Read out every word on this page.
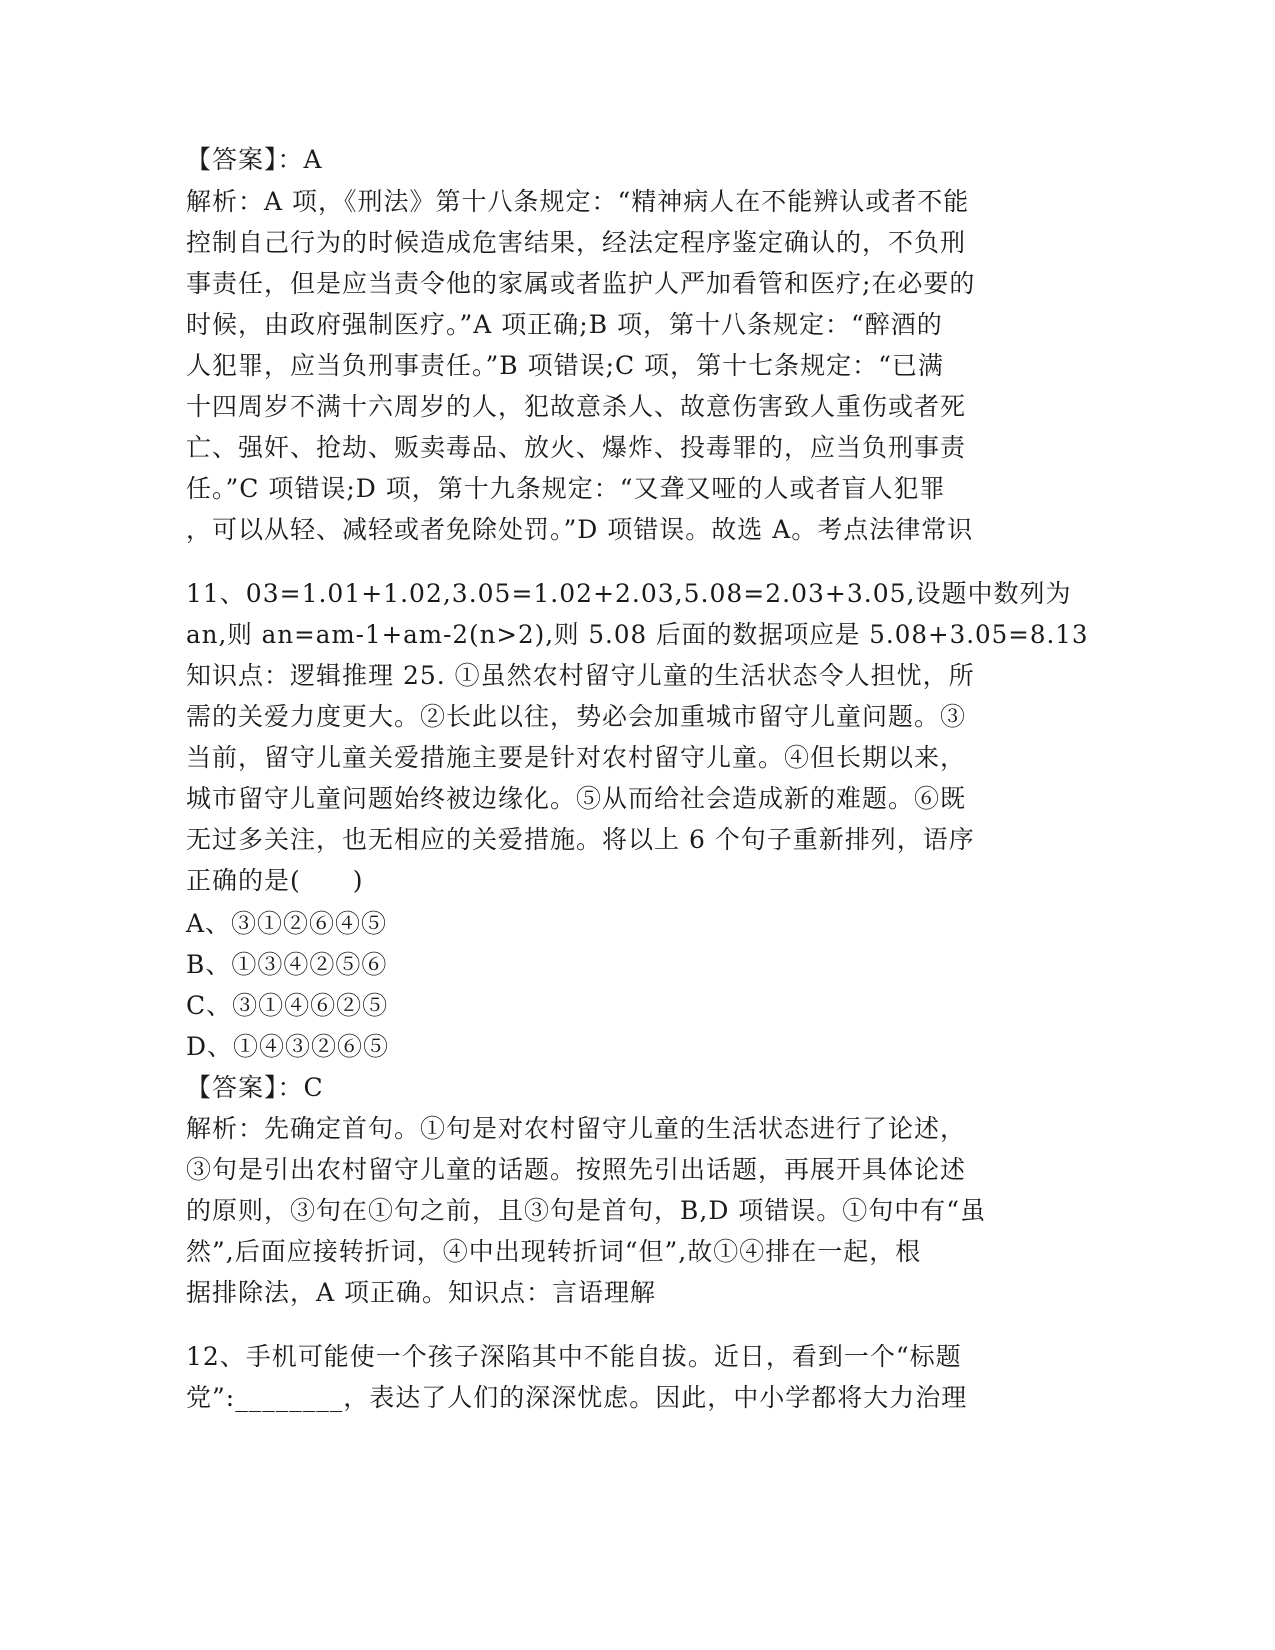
【答案】：A
解析：A 项，《刑法》第十八条规定：“精神病人在不能辨认或者不能
控制自己行为的时候造成危害结果，经法定程序鉴定确认的，不负刑
事责任，但是应当责令他的家属或者监护人严加看管和医疗;在必要的
时候，由政府强制医疗。”A 项正确;B 项，第十八条规定：“醉酒的
人犯罪，应当负刑事责任。”B 项错误;C 项，第十七条规定：“已满
十四周岁不满十六周岁的人，犯故意杀人、故意伤害致人重伤或者死
亡、强奸、抢劫、贩卖毒品、放火、爆炸、投毒罪的，应当负刑事责
任。”C 项错误;D 项，第十九条规定：“又聋又哑的人或者盲人犯罪
，可以从轻、减轻或者免除处罚。”D 项错误。故选 A。考点法律常识
11、03=1.01+1.02,3.05=1.02+2.03,5.08=2.03+3.05,设题中数列为
an,则 an=am-1+am-2(n>2),则 5.08 后面的数据项应是 5.08+3.05=8.13
知识点：逻辑推理 25. ①虽然农村留守儿童的生活状态令人担忧，所
需的关爱力度更大。②长此以往，势必会加重城市留守儿童问题。③
当前，留守儿童关爱措施主要是针对农村留守儿童。④但长期以来，
城市留守儿童问题始终被边缘化。⑤从而给社会造成新的难题。⑥既
无过多关注，也无相应的关爱措施。将以上 6 个句子重新排列，语序
正确的是(　　)
A、③①②⑥④⑤
B、①③④②⑤⑥
C、③①④⑥②⑤
D、①④③②⑥⑤
【答案】：C
解析：先确定首句。①句是对农村留守儿童的生活状态进行了论述，
③句是引出农村留守儿童的话题。按照先引出话题，再展开具体论述
的原则，③句在①句之前，且③句是首句，B,D 项错误。①句中有“虽
然”,后面应接转折词，④中出现转折词“但”,故①④排在一起，根
据排除法，A 项正确。知识点：言语理解
12、手机可能使一个孩子深陷其中不能自拔。近日，看到一个“标题
党”:________，表达了人们的深深忧虑。因此，中小学都将大力治理
